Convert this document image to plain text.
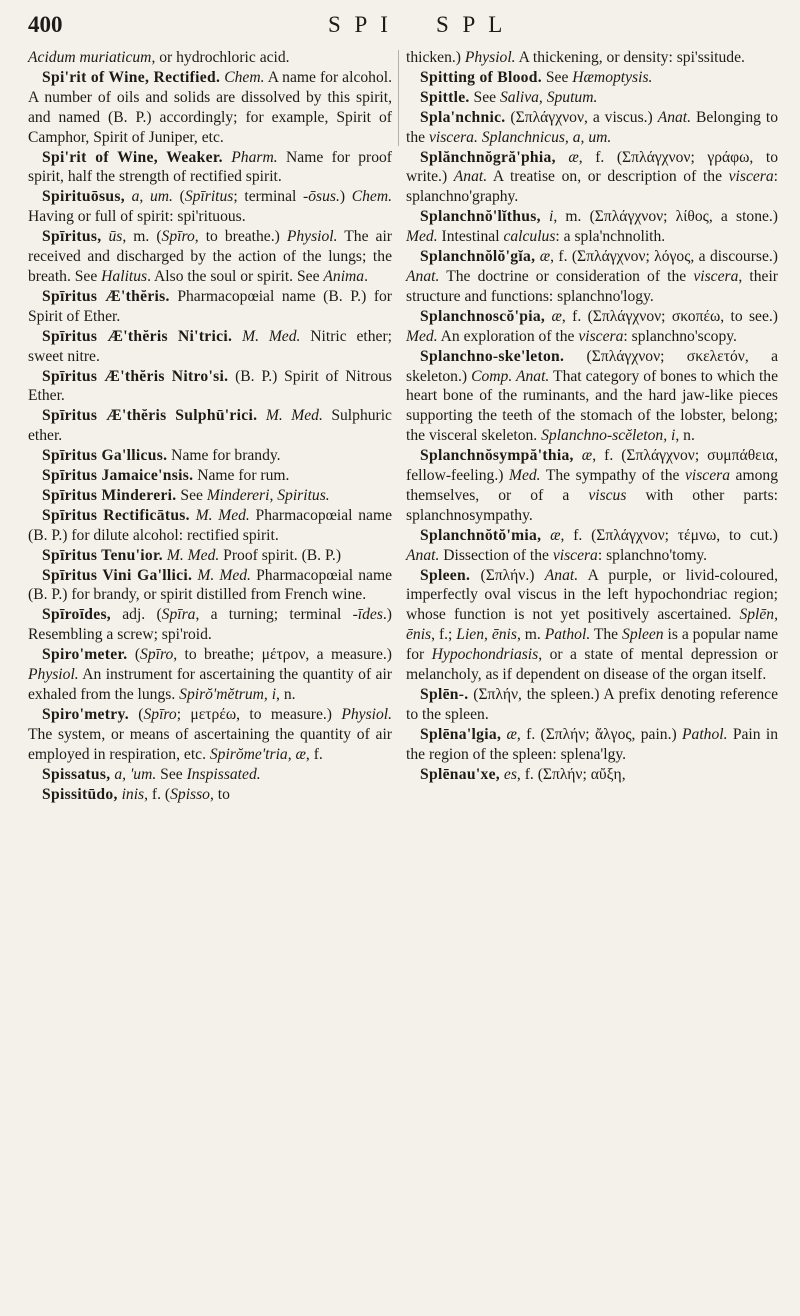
400	S P I S P L

Acidum muriaticum, or hydrochloric acid.

Spi'rit of Wine, Rectified. Chem. A name for alcohol. A number of oils and solids are dissolved by this spirit, and named (B. P.) accordingly; for example, Spirit of Camphor, Spirit of Juniper, etc.

Spi'rit of Wine, Weaker. Pharm. Name for proof spirit, half the strength of rectified spirit.

Spirituōsus, a, um. (Spīritus; terminal -ōsus.) Chem. Having or full of spirit: spi'rituous.

Spīritus, ūs, m. (Spīro, to breathe.) Physiol. The air received and discharged by the action of the lungs; the breath. See Halitus. Also the soul or spirit. See Anima.

Spīritus Æ'thĕris. Pharmacopœial name (B. P.) for Spirit of Ether.

Spīritus Æ'thĕris Ni'trici. M. Med. Nitric ether; sweet nitre.

Spīritus Æ'thĕris Nitro'si. (B. P.) Spirit of Nitrous Ether.

Spīritus Æ'thĕris Sulphū'rici. M. Med. Sulphuric ether.

Spīritus Ga'llicus. Name for brandy.

Spīritus Jamaice'nsis. Name for rum.

Spīritus Mindereri. See Mindereri, Spiritus.

Spīritus Rectificātus. M. Med. Pharmacopœial name (B. P.) for dilute alcohol: rectified spirit.

Spīritus Tenu'ior. M. Med. Proof spirit. (B. P.)

Spīritus Vini Ga'llici. M. Med. Pharmacopœial name (B. P.) for brandy, or spirit distilled from French wine.

Spīroīdes, adj. (Spīra, a turning; terminal -īdes.) Resembling a screw; spi'roid.

Spiro'meter. (Spīro, to breathe; μέτρον, a measure.) Physiol. An instrument for ascertaining the quantity of air exhaled from the lungs. Spirŏ'mĕtrum, i, n.

Spiro'metry. (Spīro; μετρέω, to measure.) Physiol. The system, or means of ascertaining the quantity of air employed in respiration, etc. Spirŏme'tria, æ, f.

Spissatus, a, 'um. See Inspissated.

Spissitūdo, inis, f. (Spisso, to

thicken.) Physiol. A thickening, or density: spi'ssitude.

Spitting of Blood. See Hæmoptysis.

Spittle. See Saliva, Sputum.

Spla'nchnic. (Σπλάγχνον, a viscus.) Anat. Belonging to the viscera. Splanchnicus, a, um.

Splănchnŏgră'phia, æ, f. (Σπλάγχνον; γράφω, to write.) Anat. A treatise on, or description of the viscera: splanchno'graphy.

Splanchnŏ'lĭthus, i, m. (Σπλάγχνον; λίθος, a stone.) Med. Intestinal calculus: a spla'nchnolith.

Splanchnŏlŏ'gĭa, æ, f. (Σπλάγχνον; λόγος, a discourse.) Anat. The doctrine or consideration of the viscera, their structure and functions: splanchno'logy.

Splanchnoscŏ'pia, æ, f. (Σπλάγχνον; σκοπέω, to see.) Med. An exploration of the viscera: splanchno'scopy.

Splanchno-ske'leton. (Σπλάγχνον; σκελετόν, a skeleton.) Comp. Anat. That category of bones to which the heart bone of the ruminants, and the hard jaw-like pieces supporting the teeth of the stomach of the lobster, belong; the visceral skeleton. Splanchno-scĕleton, i, n.

Splanchnŏsympă'thia, æ, f. (Σπλάγχνον; συμπάθεια, fellow-feeling.) Med. The sympathy of the viscera among themselves, or of a viscus with other parts: splanchnosympathy.

Splanchnŏtŏ'mia, æ, f. (Σπλάγχνον; τέμνω, to cut.) Anat. Dissection of the viscera: splanchno'tomy.

Spleen. (Σπλήν.) Anat. A purple, or livid-coloured, imperfectly oval viscus in the left hypochondriac region; whose function is not yet positively ascertained. Splēn, ēnis, f.; Lien, ēnis, m. Pathol. The Spleen is a popular name for Hypochondriasis, or a state of mental depression or melancholy, as if dependent on disease of the organ itself.

Splēn-. (Σπλήν, the spleen.) A prefix denoting reference to the spleen.

Splēna'lgia, æ, f. (Σπλήν; ἄλγος, pain.) Pathol. Pain in the region of the spleen: splena'lgy.

Splēnau'xe, es, f. (Σπλήν; αὔξη,
